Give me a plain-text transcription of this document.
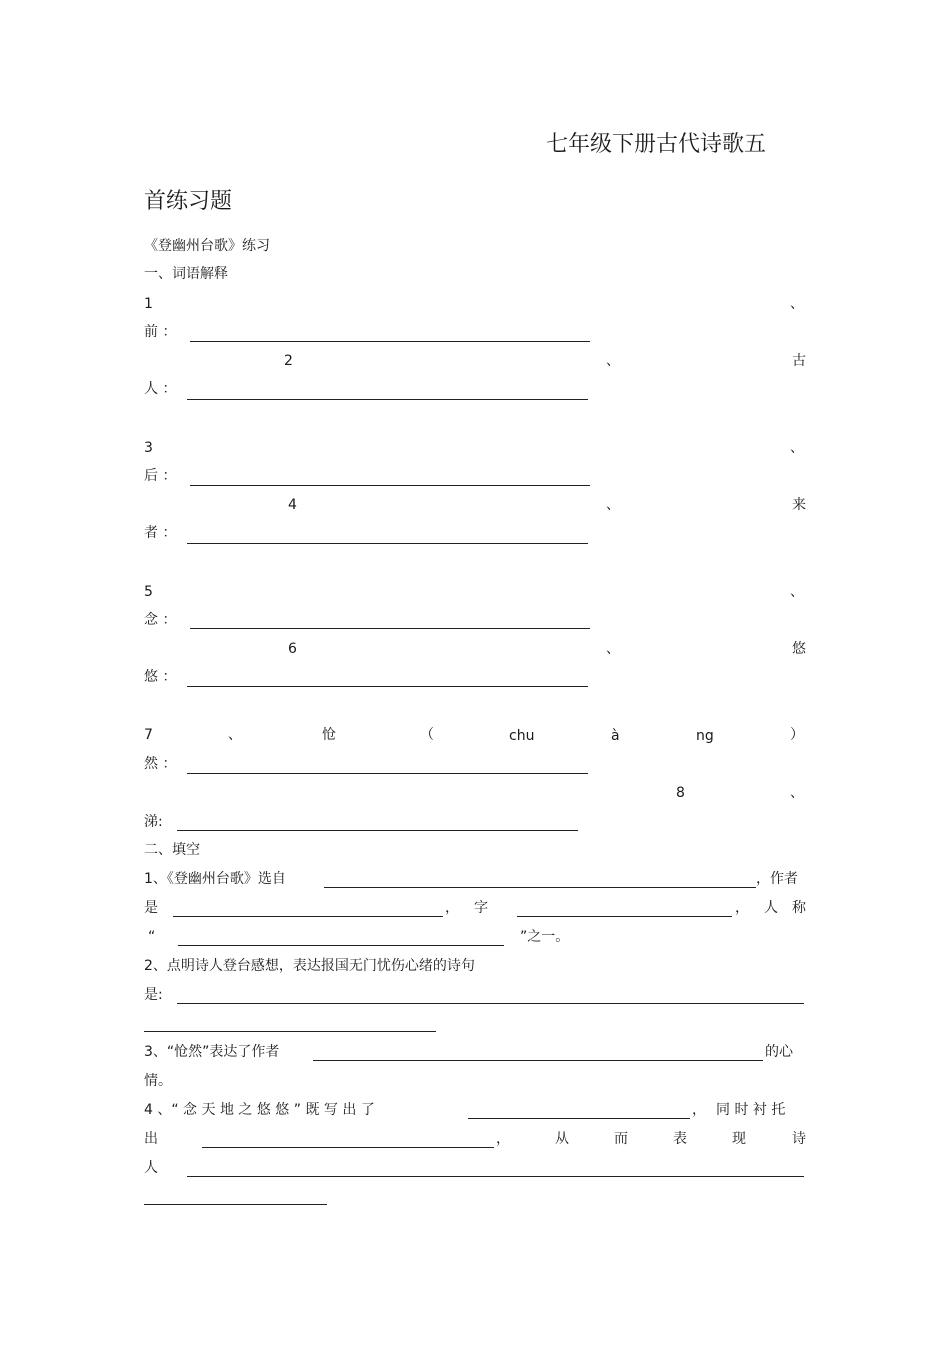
七年级下册古代诗歌五
首练习题
《登幽州台歌》练习
一、词语解释
1	、
前 ：
2	、	古
人 ：
3	、
后 ：
4	、	来
者 ：
5	、
念 ：
6	、	悠
悠 ：
7	、	怆	（	chu	à	ng	）
然 ：
8	、
涕:
二、填空
1、《登幽州台歌》选自	，作者
是	， 字	， 人 称
“	”之一。
2、点明诗人登台感想，表达报国无门忧伤心绪的诗句
是:
3、“怆然”表达了作者	的心
情。
4 、“ 念 天 地 之 悠 悠 ” 既 写 出 了	， 同 时 衬 托
出	，	从	而	表	现	诗
人
